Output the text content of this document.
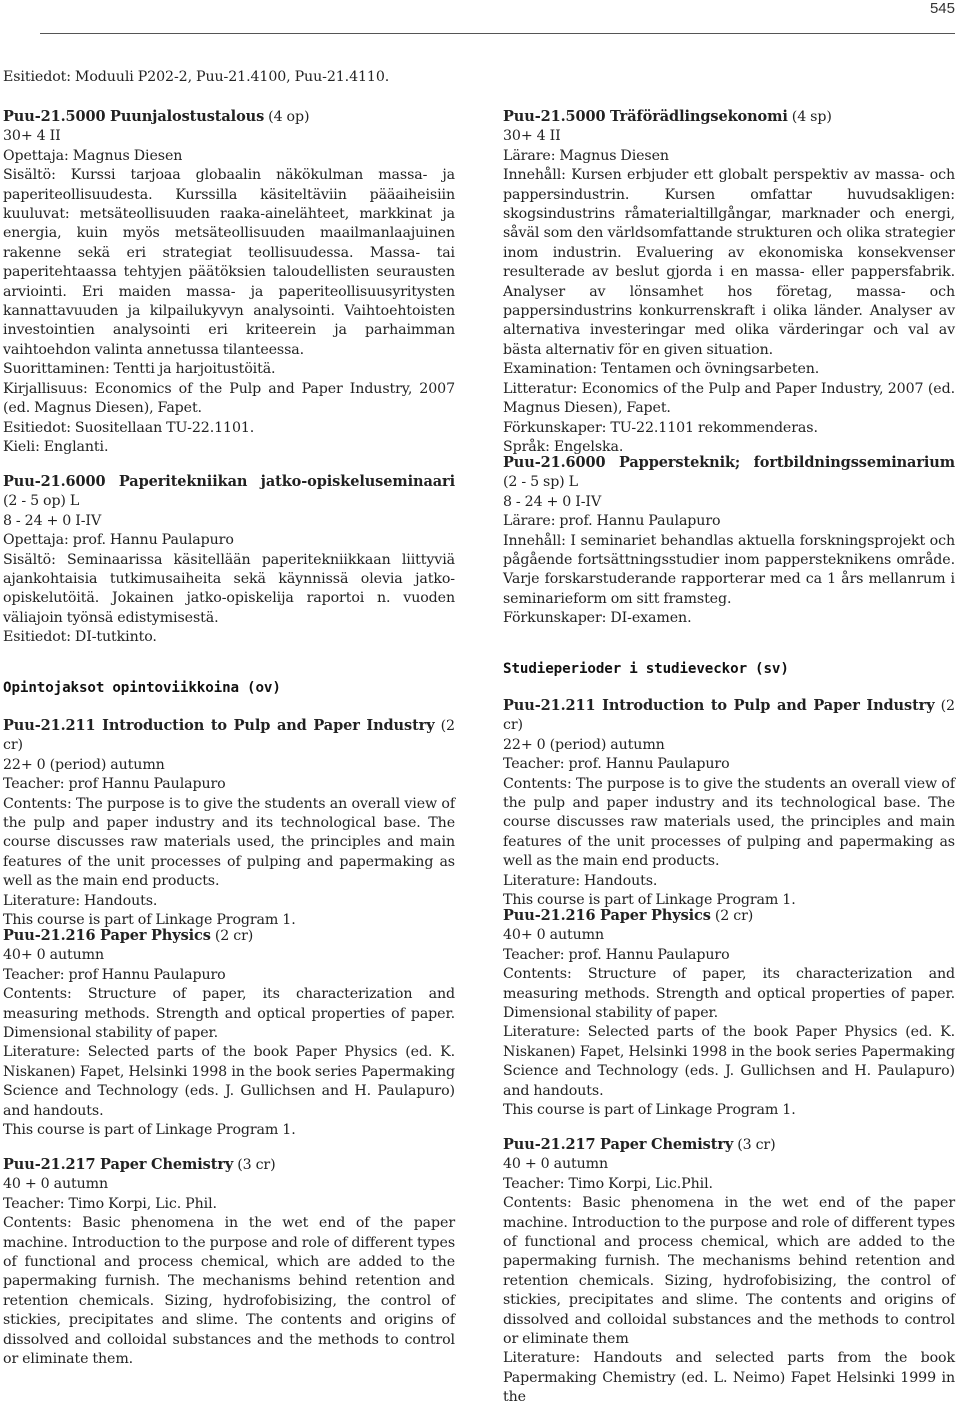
545

Esitiedot: Moduuli P202-2, Puu-21.4100, Puu-21.4110.

Puu-21.5000 Puunjalostustalous (4 op)

30+ 4 II

Opettaja: Magnus Diesen

Sisältö: Kurssi tarjoaa globaalin näkökulman massa- ja paperiteollisuudesta. Kurssilla käsiteltäviin pääaiheisiin kuuluvat: metsäteollisuuden raaka-ainelähteet, markkinat ja energia, kuin myös metsäteollisuuden maailmanlaajuinen rakenne sekä eri strategiat teollisuudessa. Massa- tai paperitehtaassa tehtyjen päätöksien taloudellisten seurausten arviointi. Eri maiden massa- ja paperiteollisuusyritysten kannattavuuden ja kilpailukyvyn analysointi. Vaihtoehtoisten investointien analysointi eri kriteerein ja parhaimman vaihtoehdon valinta annetussa tilanteessa.

Suorittaminen: Tentti ja harjoitustöitä.

Kirjallisuus: Economics of the Pulp and Paper Industry, 2007 (ed. Magnus Diesen), Fapet.

Esitiedot: Suositellaan TU-22.1101.

Kieli: Englanti.

Puu-21.6000 Paperitekniikan jatko-opiskeluseminaari (2 - 5 op) L

8 - 24 + 0 I-IV

Opettaja: prof. Hannu Paulapuro

Sisältö: Seminaarissa käsitellään paperitekniikkaan liittyviä ajankohtaisia tutkimusaiheita sekä käynnissä olevia jatko-opiskelutöitä. Jokainen jatko-opiskelija raportoi n. vuoden väliajoin työnsä edistymisestä.

Esitiedot: DI-tutkinto.

Opintojaksot opintoviikkoina (ov)

Puu-21.211 Introduction to Pulp and Paper Industry (2 cr)

22+ 0 (period) autumn

Teacher: prof Hannu Paulapuro

Contents: The purpose is to give the students an overall view of the pulp and paper industry and its technological base. The course discusses raw materials used, the principles and main features of the unit processes of pulping and papermaking as well as the main end products.

Literature: Handouts.

This course is part of Linkage Program 1.

Puu-21.216 Paper Physics (2 cr)

40+ 0 autumn

Teacher: prof Hannu Paulapuro

Contents: Structure of paper, its characterization and measuring methods. Strength and optical properties of paper. Dimensional stability of paper.

Literature: Selected parts of the book Paper Physics (ed. K. Niskanen) Fapet, Helsinki 1998 in the book series Papermaking Science and Technology (eds. J. Gullichsen and H. Paulapuro) and handouts.

This course is part of Linkage Program 1.

Puu-21.217 Paper Chemistry (3 cr)

40 + 0 autumn

Teacher: Timo Korpi, Lic. Phil.

Contents: Basic phenomena in the wet end of the paper machine. Introduction to the purpose and role of different types of functional and process chemical, which are added to the papermaking furnish. The mechanisms behind retention and retention chemicals. Sizing, hydrofobisizing, the control of stickies, precipitates and slime. The contents and origins of dissolved and colloidal substances and the methods to control or eliminate them.

Puu-21.5000 Träförädlingsekonomi (4 sp)

30+ 4 II

Lärare: Magnus Diesen

Innehåll: Kursen erbjuder ett globalt perspektiv av massa- och pappersindustrin. Kursen omfattar huvudsakligen: skogsindustrins råmaterialtillgångar, marknader och energi, såväl som den världsomfattande strukturen och olika strategier inom industrin. Evaluering av ekonomiska konsekvenser resulterade av beslut gjorda i en massa- eller pappersfabrik. Analyser av lönsamhet hos företag, massa- och pappersindustrins konkurrenskraft i olika länder. Analyser av alternativa investeringar med olika värderingar och val av bästa alternativ för en given situation.

Examination: Tentamen och övningsarbeten.

Litteratur: Economics of the Pulp and Paper Industry, 2007 (ed. Magnus Diesen), Fapet.

Förkunskaper: TU-22.1101 rekommenderas.

Språk: Engelska.

Puu-21.6000 Pappersteknik; fortbildningsseminarium (2 - 5 sp) L

8 - 24 + 0 I-IV

Lärare: prof. Hannu Paulapuro

Innehåll: I seminariet behandlas aktuella forskningsprojekt och pågående fortsättningsstudier inom pappersteknikens område. Varje forskarstuderande rapporterar med ca 1 års mellanrum i seminarieform om sitt framsteg.

Förkunskaper: DI-examen.

Studieperioder i studieveckor (sv)

Puu-21.211 Introduction to Pulp and Paper Industry (2 cr)

22+ 0 (period) autumn

Teacher: prof. Hannu Paulapuro

Contents: The purpose is to give the students an overall view of the pulp and paper industry and its technological base. The course discusses raw materials used, the principles and main features of the unit processes of pulping and papermaking as well as the main end products.

Literature: Handouts.

This course is part of Linkage Program 1.

Puu-21.216 Paper Physics (2 cr)

40+ 0 autumn

Teacher: prof. Hannu Paulapuro

Contents: Structure of paper, its characterization and measuring methods. Strength and optical properties of paper. Dimensional stability of paper.

Literature: Selected parts of the book Paper Physics (ed. K. Niskanen) Fapet, Helsinki 1998 in the book series Papermaking Science and Technology (eds. J. Gullichsen and H. Paulapuro) and handouts.

This course is part of Linkage Program 1.

Puu-21.217 Paper Chemistry (3 cr)

40 + 0 autumn

Teacher: Timo Korpi, Lic.Phil.

Contents: Basic phenomena in the wet end of the paper machine. Introduction to the purpose and role of different types of functional and process chemical, which are added to the papermaking furnish. The mechanisms behind retention and retention chemicals. Sizing, hydrofobisizing, the control of stickies, precipitates and slime. The contents and origins of dissolved and colloidal substances and the methods to control or eliminate them

Literature: Handouts and selected parts from the book Papermaking Chemistry (ed. L. Neimo) Fapet Helsinki 1999 in the
